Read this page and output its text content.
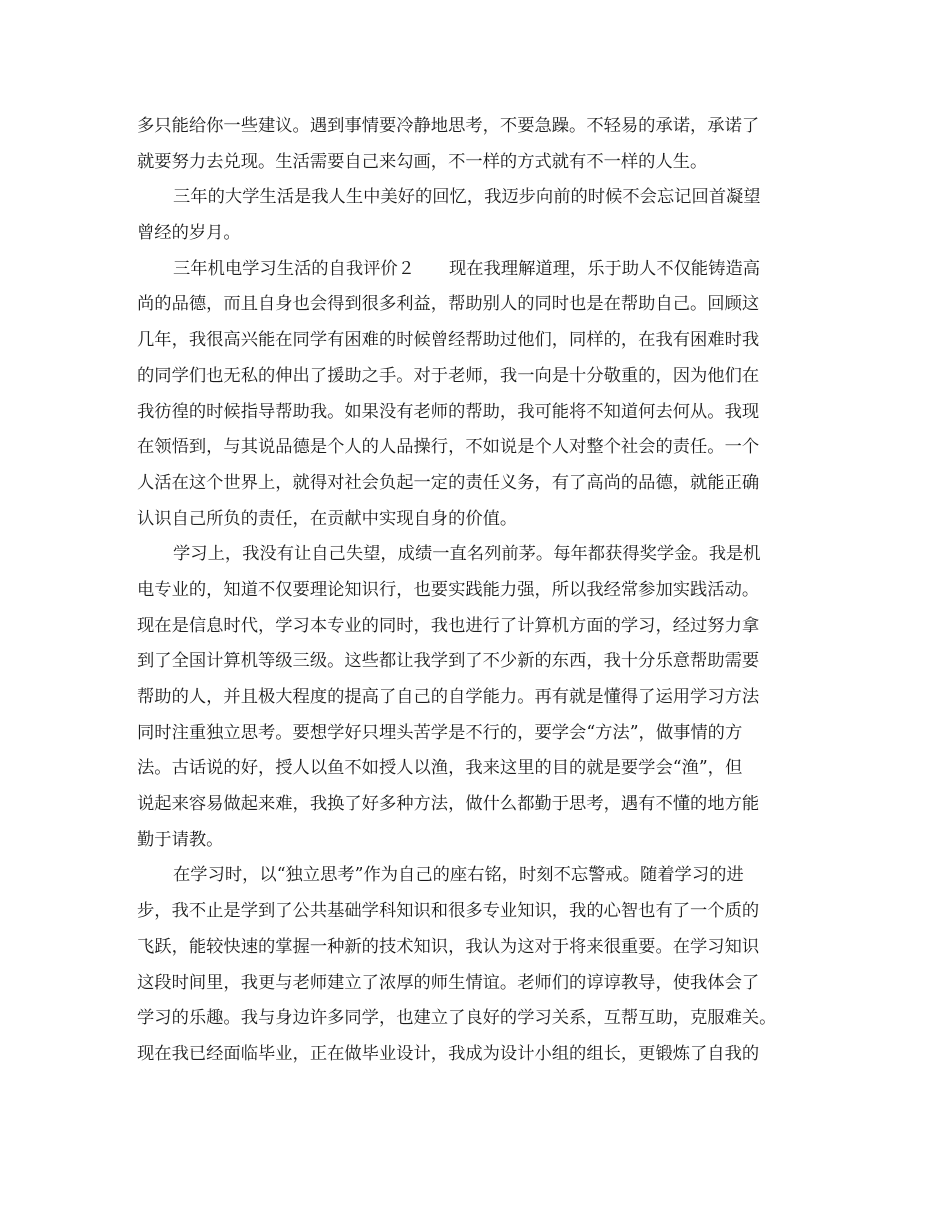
多只能给你一些建议。遇到事情要冷静地思考，不要急躁。不轻易的承诺，承诺了
就要努力去兑现。生活需要自己来勾画，不一样的方式就有不一样的人生。
三年的大学生活是我人生中美好的回忆，我迈步向前的时候不会忘记回首凝望
曾经的岁月。
三年机电学习生活的自我评价２ 现在我理解道理，乐于助人不仅能铸造高
尚的品德，而且自身也会得到很多利益，帮助别人的同时也是在帮助自己。回顾这
几年，我很高兴能在同学有困难的时候曾经帮助过他们，同样的，在我有困难时我
的同学们也无私的伸出了援助之手。对于老师，我一向是十分敬重的，因为他们在
我彷徨的时候指导帮助我。如果没有老师的帮助，我可能将不知道何去何从。我现
在领悟到，与其说品德是个人的人品操行，不如说是个人对整个社会的责任。一个
人活在这个世界上，就得对社会负起一定的责任义务，有了高尚的品德，就能正确
认识自己所负的责任，在贡献中实现自身的价值。
学习上，我没有让自己失望，成绩一直名列前茅。每年都获得奖学金。我是机
电专业的，知道不仅要理论知识行，也要实践能力强，所以我经常参加实践活动。
现在是信息时代，学习本专业的同时，我也进行了计算机方面的学习，经过努力拿
到了全国计算机等级三级。这些都让我学到了不少新的东西，我十分乐意帮助需要
帮助的人，并且极大程度的提高了自己的自学能力。再有就是懂得了运用学习方法
同时注重独立思考。要想学好只埋头苦学是不行的，要学会“方法”，做事情的方
法。古话说的好，授人以鱼不如授人以渔，我来这里的目的就是要学会“渔”，但
说起来容易做起来难，我换了好多种方法，做什么都勤于思考，遇有不懂的地方能
勤于请教。
在学习时，以“独立思考”作为自己的座右铭，时刻不忘警戒。随着学习的进
步，我不止是学到了公共基础学科知识和很多专业知识，我的心智也有了一个质的
飞跃，能较快速的掌握一种新的技术知识，我认为这对于将来很重要。在学习知识
这段时间里，我更与老师建立了浓厚的师生情谊。老师们的谆谆教导，使我体会了
学习的乐趣。我与身边许多同学，也建立了良好的学习关系，互帮互助，克服难关。
现在我已经面临毕业，正在做毕业设计，我成为设计小组的组长，更锻炼了自我的
